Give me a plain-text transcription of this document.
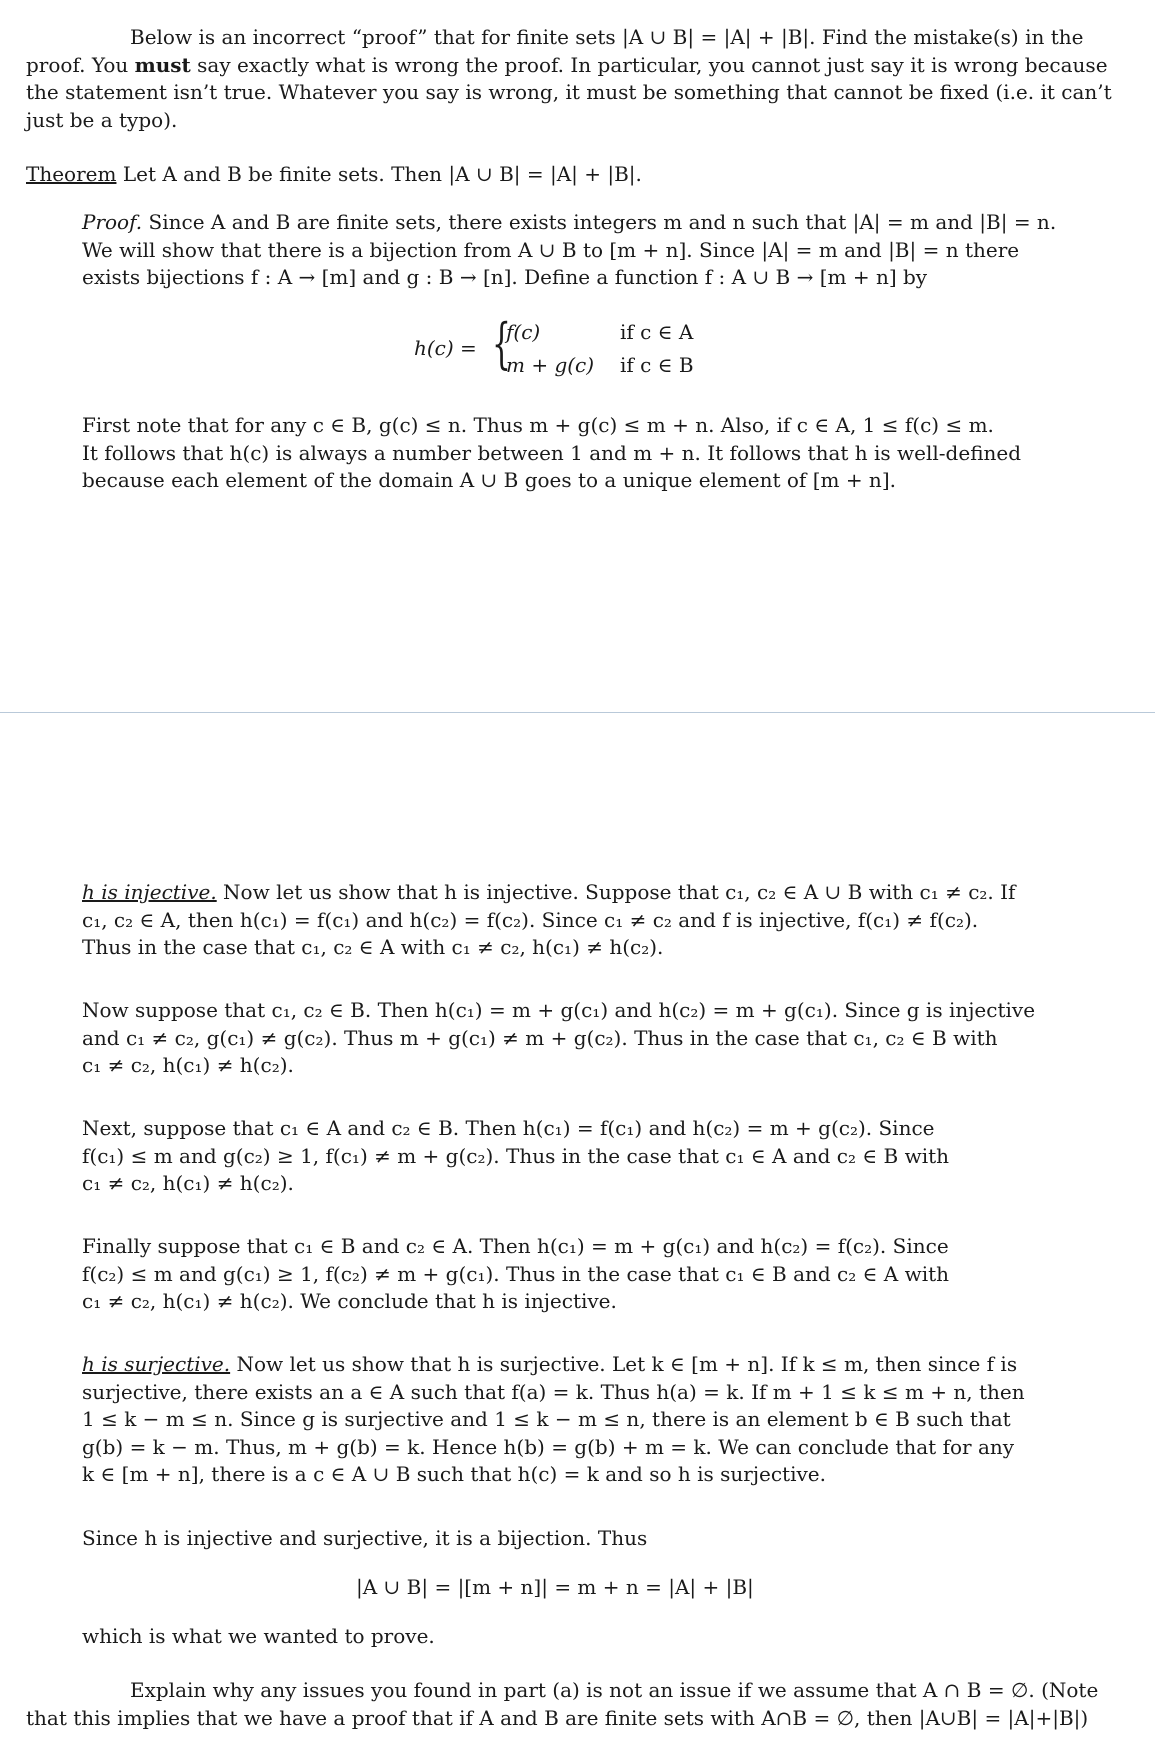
Below is an incorrect “proof” that for finite sets |A ∪ B| = |A| + |B|. Find the mistake(s) in the
proof. You must say exactly what is wrong the proof. In particular, you cannot just say it is wrong because
the statement isn’t true. Whatever you say is wrong, it must be something that cannot be fixed (i.e. it can’t
just be a typo).
Theorem Let A and B be finite sets. Then |A ∪ B| = |A| + |B|.
Proof. Since A and B are finite sets, there exists integers m and n such that |A| = m and |B| = n.
We will show that there is a bijection from A ∪ B to [m + n]. Since |A| = m and |B| = n there
exists bijections f : A → [m] and g : B → [n]. Define a function f : A ∪ B → [m + n] by
h(c) = {
f(c)	if c ∈ A
m + g(c) if c ∈ B
First note that for any c ∈ B, g(c) ≤ n. Thus m + g(c) ≤ m + n. Also, if c ∈ A, 1 ≤ f(c) ≤ m.
It follows that h(c) is always a number between 1 and m + n. It follows that h is well-defined
because each element of the domain A ∪ B goes to a unique element of [m + n].
h is injective. Now let us show that h is injective. Suppose that c₁, c₂ ∈ A ∪ B with c₁ ≠ c₂. If
c₁, c₂ ∈ A, then h(c₁) = f(c₁) and h(c₂) = f(c₂). Since c₁ ≠ c₂ and f is injective, f(c₁) ≠ f(c₂).
Thus in the case that c₁, c₂ ∈ A with c₁ ≠ c₂, h(c₁) ≠ h(c₂).
Now suppose that c₁, c₂ ∈ B. Then h(c₁) = m + g(c₁) and h(c₂) = m + g(c₁). Since g is injective
and c₁ ≠ c₂, g(c₁) ≠ g(c₂). Thus m + g(c₁) ≠ m + g(c₂). Thus in the case that c₁, c₂ ∈ B with
c₁ ≠ c₂, h(c₁) ≠ h(c₂).
Next, suppose that c₁ ∈ A and c₂ ∈ B. Then h(c₁) = f(c₁) and h(c₂) = m + g(c₂). Since
f(c₁) ≤ m and g(c₂) ≥ 1, f(c₁) ≠ m + g(c₂). Thus in the case that c₁ ∈ A and c₂ ∈ B with
c₁ ≠ c₂, h(c₁) ≠ h(c₂).
Finally suppose that c₁ ∈ B and c₂ ∈ A. Then h(c₁) = m + g(c₁) and h(c₂) = f(c₂). Since
f(c₂) ≤ m and g(c₁) ≥ 1, f(c₂) ≠ m + g(c₁). Thus in the case that c₁ ∈ B and c₂ ∈ A with
c₁ ≠ c₂, h(c₁) ≠ h(c₂). We conclude that h is injective.
h is surjective. Now let us show that h is surjective. Let k ∈ [m + n]. If k ≤ m, then since f is
surjective, there exists an a ∈ A such that f(a) = k. Thus h(a) = k. If m + 1 ≤ k ≤ m + n, then
1 ≤ k − m ≤ n. Since g is surjective and 1 ≤ k − m ≤ n, there is an element b ∈ B such that
g(b) = k − m. Thus, m + g(b) = k. Hence h(b) = g(b) + m = k. We can conclude that for any
k ∈ [m + n], there is a c ∈ A ∪ B such that h(c) = k and so h is surjective.
Since h is injective and surjective, it is a bijection. Thus
|A ∪ B| = |[m + n]| = m + n = |A| + |B|
which is what we wanted to prove.
Explain why any issues you found in part (a) is not an issue if we assume that A ∩ B = ∅. (Note
that this implies that we have a proof that if A and B are finite sets with A∩B = ∅, then |A∪B| = |A|+|B|)
